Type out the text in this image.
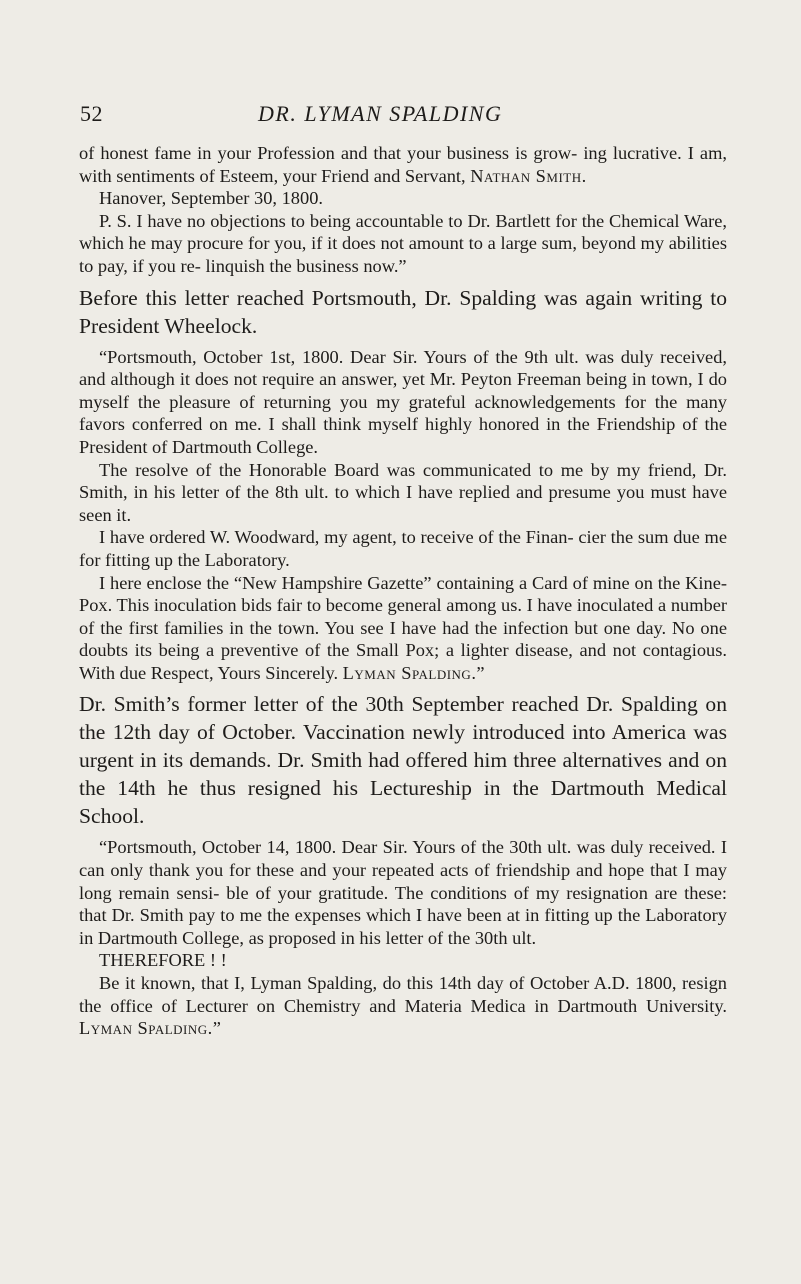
52	DR. LYMAN SPALDING

of honest fame in your Profession and that your business is grow- ing lucrative. I am, with sentiments of Esteem, your Friend and Servant, Nathan Smith.

Hanover, September 30, 1800.

P. S. I have no objections to being accountable to Dr. Bartlett for the Chemical Ware, which he may procure for you, if it does not amount to a large sum, beyond my abilities to pay, if you re- linquish the business now.”

Before this letter reached Portsmouth, Dr. Spalding was again writing to President Wheelock.

“Portsmouth, October 1st, 1800. Dear Sir. Yours of the 9th ult. was duly received, and although it does not require an answer, yet Mr. Peyton Freeman being in town, I do myself the pleasure of returning you my grateful acknowledgements for the many favors conferred on me. I shall think myself highly honored in the Friendship of the President of Dartmouth College.

The resolve of the Honorable Board was communicated to me by my friend, Dr. Smith, in his letter of the 8th ult. to which I have replied and presume you must have seen it.

I have ordered W. Woodward, my agent, to receive of the Finan- cier the sum due me for fitting up the Laboratory.

I here enclose the “New Hampshire Gazette” containing a Card of mine on the Kine-Pox. This inoculation bids fair to become general among us. I have inoculated a number of the first families in the town. You see I have had the infection but one day. No one doubts its being a preventive of the Small Pox; a lighter disease, and not contagious. With due Respect, Yours Sincerely. Lyman Spalding.”

Dr. Smith’s former letter of the 30th September reached Dr. Spalding on the 12th day of October. Vaccination newly introduced into America was urgent in its demands. Dr. Smith had offered him three alternatives and on the 14th he thus resigned his Lectureship in the Dartmouth Medical School.

“Portsmouth, October 14, 1800. Dear Sir. Yours of the 30th ult. was duly received. I can only thank you for these and your repeated acts of friendship and hope that I may long remain sensi- ble of your gratitude. The conditions of my resignation are these: that Dr. Smith pay to me the expenses which I have been at in fitting up the Laboratory in Dartmouth College, as proposed in his letter of the 30th ult.

THEREFORE ! !

Be it known, that I, Lyman Spalding, do this 14th day of October A.D. 1800, resign the office of Lecturer on Chemistry and Materia Medica in Dartmouth University. Lyman Spalding.”
